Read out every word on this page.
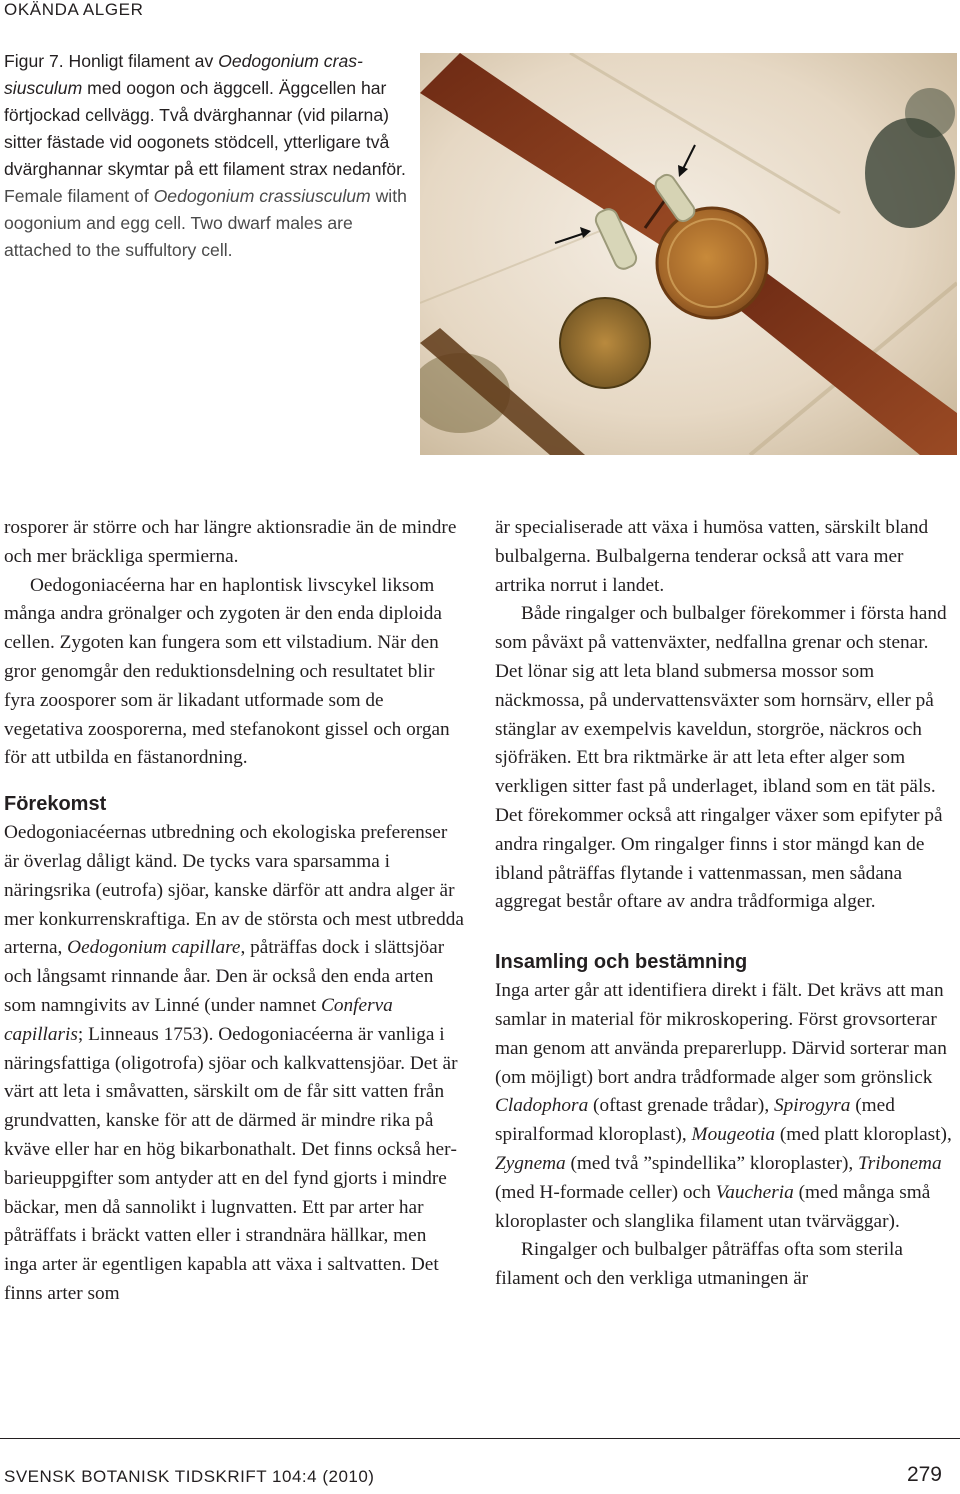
OKÄNDA ALGER

Figur 7. Honligt filament av Oedogonium crassiusculum med oogon och äggcell. Äggcellen har förtjockad cellvägg. Två dvärghannar (vid pilarna) sitter fästade vid oogonets stödcell, ytterligare två dvärghannar skymtar på ett filament strax nedanför.

Female filament of Oedogonium crassiusculum with oogonium and egg cell. Two dwarf males are attached to the suffultory cell.

rosporer är större och har längre aktionsradie än de mindre och mer bräckliga spermierna.

Oedogoniacéerna har en haplontisk livscykel liksom många andra grönalger och zygoten är den enda diploida cellen. Zygoten kan fungera som ett vilstadium. När den gror genomgår den reduktionsdelning och resultatet blir fyra zoosporer som är likadant utformade som de vegetativa zoosporerna, med stefanokont gissel och organ för att utbilda en fästanordning.

Förekomst

Oedogoniacéernas utbredning och ekologiska preferenser är överlag dåligt känd. De tycks vara sparsamma i näringsrika (eutrofa) sjöar, kanske därför att andra alger är mer konkurrenskraftiga. En av de största och mest utbredda arterna, Oedogonium capillare, påträffas dock i slättsjöar och långsamt rinnande åar. Den är också den enda arten som namngivits av Linné (under namnet Conferva capillaris; Linneaus 1753). Oedogoniacéerna är vanliga i näringsfattiga (oligotrofa) sjöar och kalkvattensjöar. Det är värt att leta i småvatten, särskilt om de får sitt vatten från grundvatten, kanske för att de därmed är mindre rika på kväve eller har en hög bikarbonathalt. Det finns också herbarieuppgifter som antyder att en del fynd gjorts i mindre bäckar, men då sannolikt i lugnvatten. Ett par arter har påträffats i bräckt vatten eller i strandnära hällkar, men inga arter är egentligen kapabla att växa i saltvatten. Det finns arter som

är specialiserade att växa i humösa vatten, särskilt bland bulbalgerna. Bulbalgerna tenderar också att vara mer artrika norrut i landet.

Både ringalger och bulbalger förekommer i första hand som påväxt på vattenväxter, nedfallna grenar och stenar. Det lönar sig att leta bland submersa mossor som näckmossa, på undervattensväxter som hornsärv, eller på stänglar av exempelvis kaveldun, storgröe, näckros och sjöfräken. Ett bra riktmärke är att leta efter alger som verkligen sitter fast på underlaget, ibland som en tät päls. Det förekommer också att ringalger växer som epifyter på andra ringalger. Om ringalger finns i stor mängd kan de ibland påträffas flytande i vattenmassan, men sådana aggregat består oftare av andra trådformiga alger.

Insamling och bestämning

Inga arter går att identifiera direkt i fält. Det krävs att man samlar in material för mikroskopering. Först grovsorterar man genom att använda preparerlupp. Därvid sorterar man (om möjligt) bort andra trådformade alger som grönslick Cladophora (oftast grenade trådar), Spirogyra (med spiralformad kloroplast), Mougeotia (med platt kloroplast), Zygnema (med två ”spindellika” kloroplaster), Tribonema (med H-formade celler) och Vaucheria (med många små kloroplaster och slanglika filament utan tvärväggar).

Ringalger och bulbalger påträffas ofta som sterila filament och den verkliga utmaningen är

SVENSK BOTANISK TIDSKRIFT 104:4 (2010)	279
